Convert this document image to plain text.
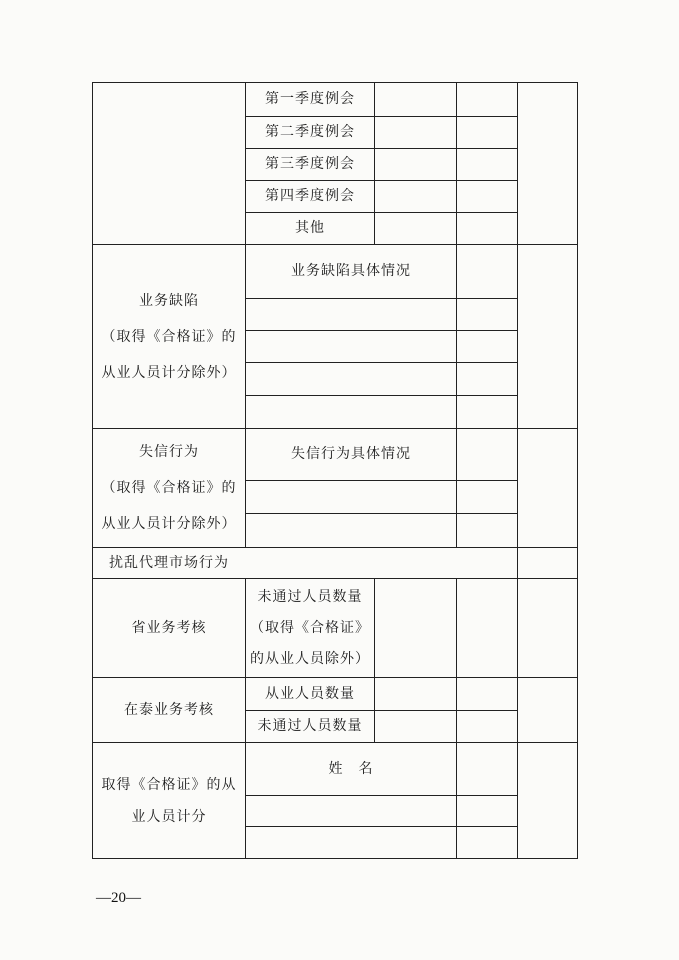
第一季度例会
第二季度例会
第三季度例会
第四季度例会
其他
业务缺陷
（取得《合格证》的
从业人员计分除外）
业务缺陷具体情况
失信行为
（取得《合格证》的
从业人员计分除外）
失信行为具体情况
扰乱代理市场行为
省业务考核
未通过人员数量
（取得《合格证》
的从业人员除外）
在泰业务考核
从业人员数量
未通过人员数量
取得《合格证》的从
业人员计分
姓　名
—20—
